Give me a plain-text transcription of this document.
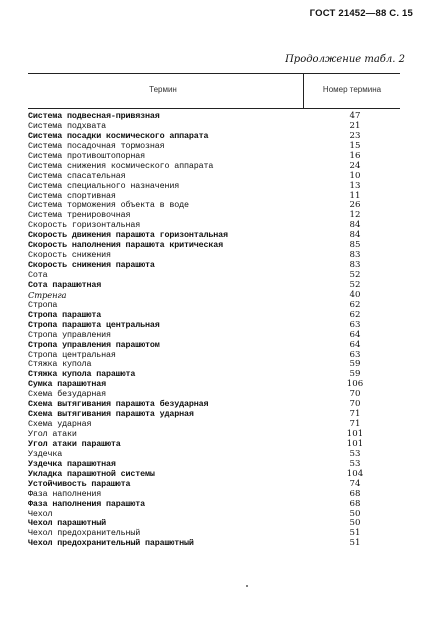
ГОСТ 21452—88 С. 15
Продолжение табл. 2
Термин	Номер термина
Система подвесная-привязная	47
Система подхвата	21
Система посадки космического аппарата	23
Система посадочная тормозная	15
Система противоштопорная	16
Система снижения космического аппарата	24
Система спасательная	10
Система специального назначения	13
Система спортивная	11
Система торможения объекта в воде	26
Система тренировочная	12
Скорость горизонтальная	84
Скорость движения парашюта горизонтальная	84
Скорость наполнения парашюта критическая	85
Скорость снижения	83
Скорость снижения парашюта	83
Сота	52
Сота парашютная	52
Стренга	40
Стропа	62
Стропа парашюта	62
Стропа парашюта центральная	63
Стропа управления	64
Стропа управления парашютом	64
Стропа центральная	63
Стяжка купола	59
Стяжка купола парашюта	59
Сумка парашютная	106
Схема безударная	70
Схема вытягивания парашюта безударная	70
Схема вытягивания парашюта ударная	71
Схема ударная	71
Угол атаки	101
Угол атаки парашюта	101
Уздечка	53
Уздечка парашютная	53
Укладка парашютной системы	104
Устойчивость парашюта	74
Фаза наполнения	68
Фаза наполнения парашюта	68
Чехол	50
Чехол парашютный	50
Чехол предохранительный	51
Чехол предохранительный парашютный	51
